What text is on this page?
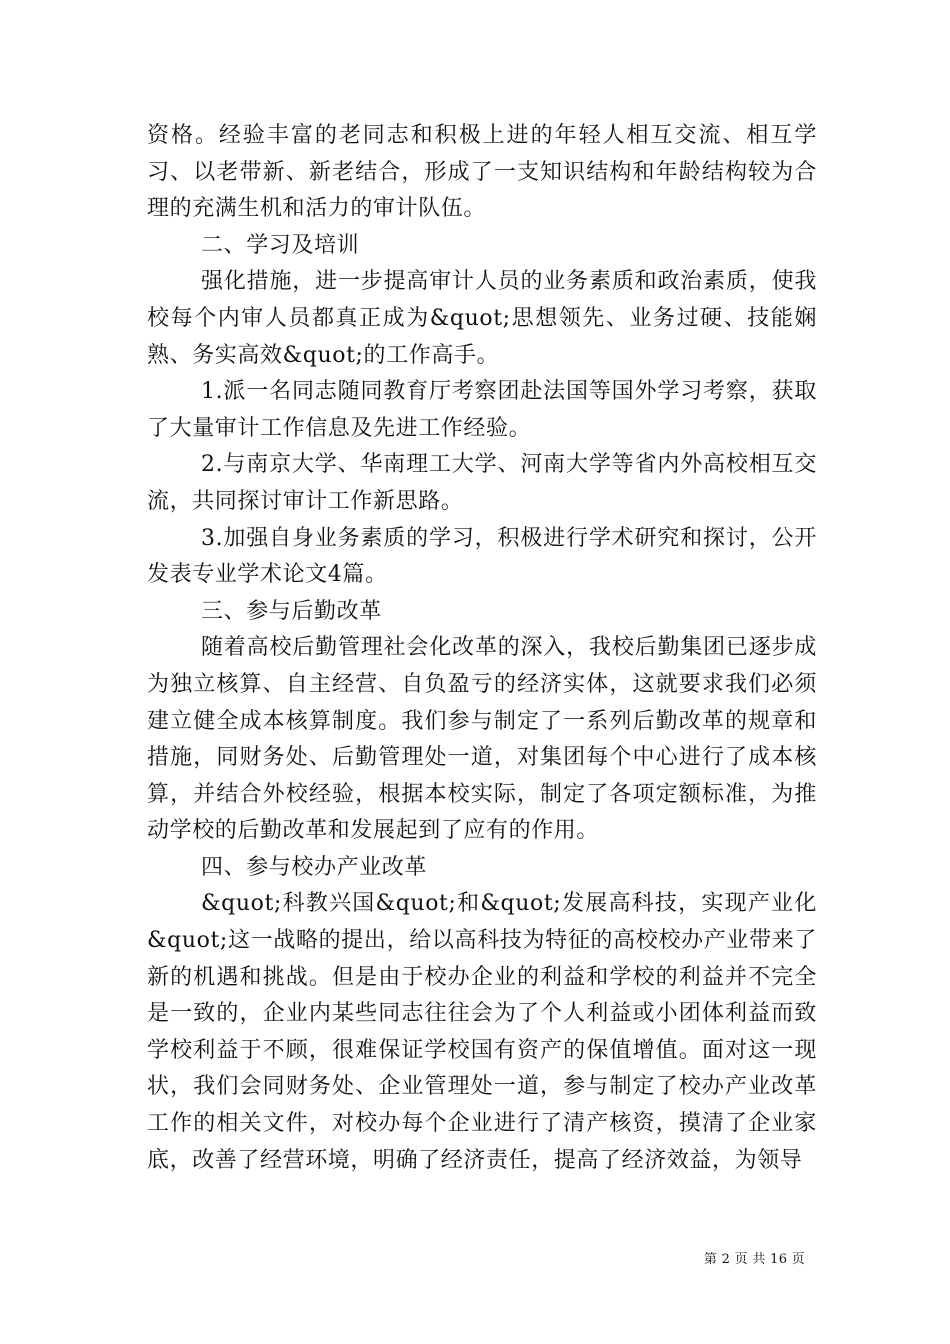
资格。经验丰富的老同志和积极上进的年轻人相互交流、相互学习、以老带新、新老结合，形成了一支知识结构和年龄结构较为合理的充满生机和活力的审计队伍。

二、学习及培训

强化措施，进一步提高审计人员的业务素质和政治素质，使我校每个内审人员都真正成为&quot;思想领先、业务过硬、技能娴熟、务实高效&quot;的工作高手。

1.派一名同志随同教育厅考察团赴法国等国外学习考察，获取了大量审计工作信息及先进工作经验。

2.与南京大学、华南理工大学、河南大学等省内外高校相互交流，共同探讨审计工作新思路。

3.加强自身业务素质的学习，积极进行学术研究和探讨，公开发表专业学术论文4篇。

三、参与后勤改革

随着高校后勤管理社会化改革的深入，我校后勤集团已逐步成为独立核算、自主经营、自负盈亏的经济实体，这就要求我们必须建立健全成本核算制度。我们参与制定了一系列后勤改革的规章和措施，同财务处、后勤管理处一道，对集团每个中心进行了成本核算，并结合外校经验，根据本校实际，制定了各项定额标准，为推动学校的后勤改革和发展起到了应有的作用。

四、参与校办产业改革

&quot;科教兴国&quot;和&quot;发展高科技，实现产业化&quot;这一战略的提出，给以高科技为特征的高校校办产业带来了新的机遇和挑战。但是由于校办企业的利益和学校的利益并不完全是一致的，企业内某些同志往往会为了个人利益或小团体利益而致学校利益于不顾，很难保证学校国有资产的保值增值。面对这一现状，我们会同财务处、企业管理处一道，参与制定了校办产业改革工作的相关文件，对校办每个企业进行了清产核资，摸清了企业家底，改善了经营环境，明确了经济责任，提高了经济效益，为领导

第 2 页 共 16 页
